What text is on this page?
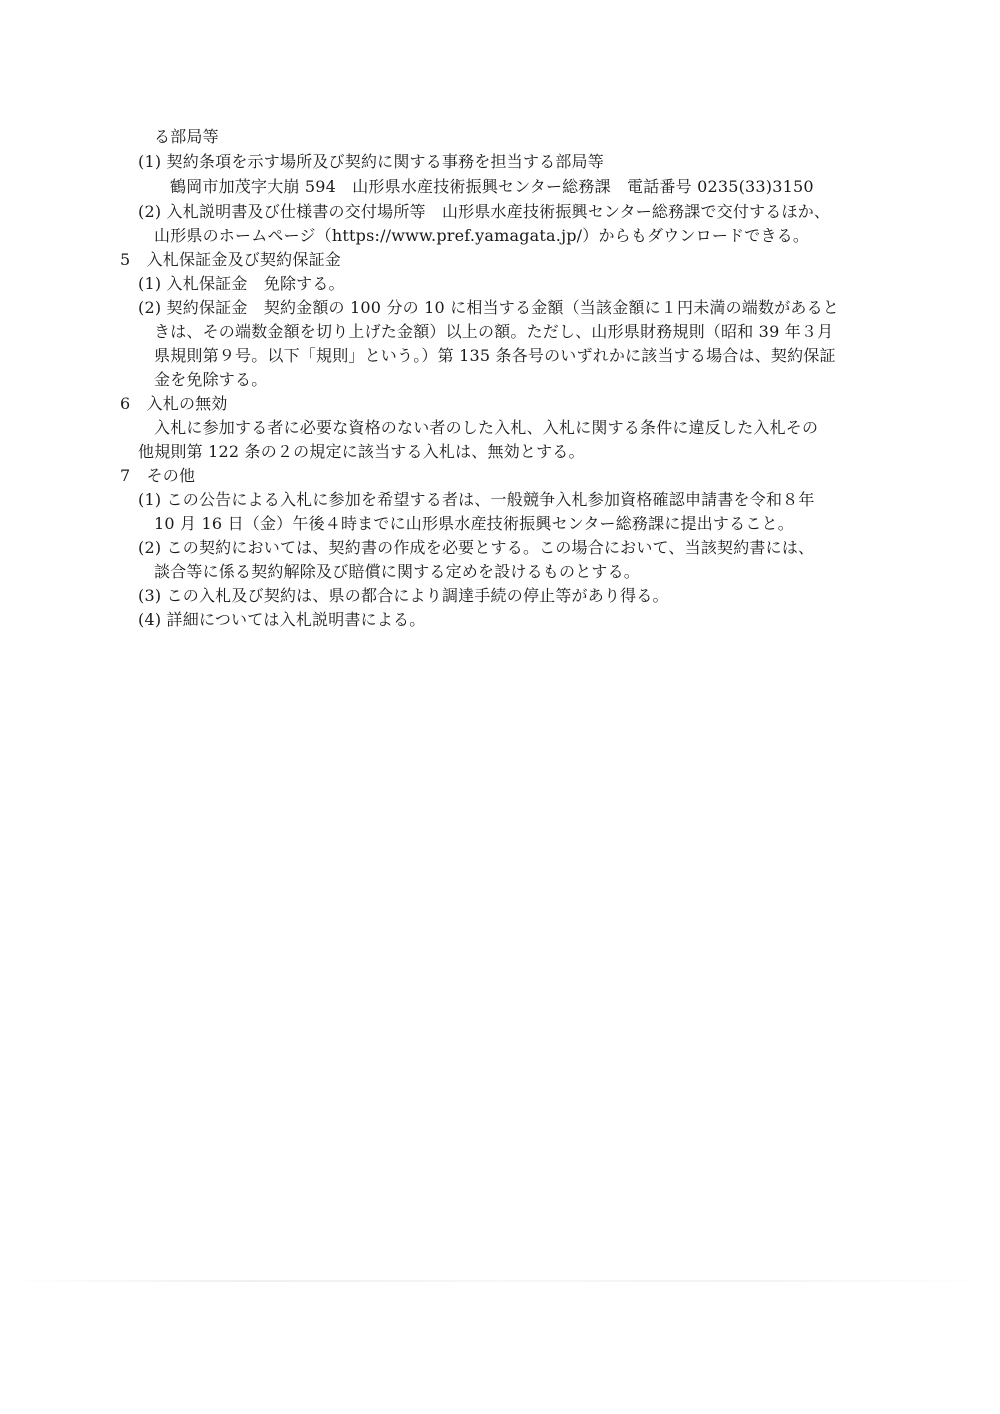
る部局等
(1) 契約条項を示す場所及び契約に関する事務を担当する部局等
鶴岡市加茂字大崩 594　山形県水産技術振興センター総務課　電話番号 0235(33)3150
(2) 入札説明書及び仕様書の交付場所等　山形県水産技術振興センター総務課で交付するほか、
山形県のホームページ（https://www.pref.yamagata.jp/）からもダウンロードできる。
5　入札保証金及び契約保証金
(1) 入札保証金　免除する。
(2) 契約保証金　契約金額の 100 分の 10 に相当する金額（当該金額に１円未満の端数があると
きは、その端数金額を切り上げた金額）以上の額。ただし、山形県財務規則（昭和 39 年３月
県規則第９号。以下「規則」という。）第 135 条各号のいずれかに該当する場合は、契約保証
金を免除する。
6　入札の無効
入札に参加する者に必要な資格のない者のした入札、入札に関する条件に違反した入札その
他規則第 122 条の２の規定に該当する入札は、無効とする。
7　その他
(1) この公告による入札に参加を希望する者は、一般競争入札参加資格確認申請書を令和８年
10 月 16 日（金）午後４時までに山形県水産技術振興センター総務課に提出すること。
(2) この契約においては、契約書の作成を必要とする。この場合において、当該契約書には、
談合等に係る契約解除及び賠償に関する定めを設けるものとする。
(3) この入札及び契約は、県の都合により調達手続の停止等があり得る。
(4) 詳細については入札説明書による。
